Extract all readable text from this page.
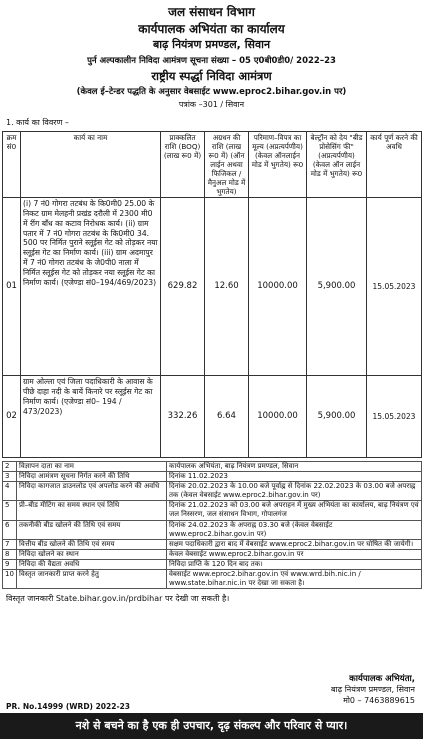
जल संसाधन विभाग
कार्यपालक अभियंता का कार्यालय
बाढ़ नियंत्रण प्रमण्डल, सिवान
पुर्न अल्पकालीन निविदा आमंत्रण सूचना संख्या – 05 ए0बी0डी0/ 2022–23
राष्ट्रीय स्पर्द्धा निविदा आमंत्रण
(केवल ई–टेन्डर पद्धति के अनुसार वेबसाईट www.eproc2.bihar.gov.in पर)
पत्रांक –301 / सिवान
1. कार्य का विवरण –
क्रम सं0	कार्य का नाम	प्राक्कलित राशि (BOQ) (लाख रू0 में)	अग्रधन की राशि (लाख रू0 में) (ऑन लाईन अथवा फिजिकल / मैनुअल मोड में भुगतेय)	परिमाण–विपत्र का मूल्य (अप्रत्यर्पणीय) (केवल ऑनलाईन मोड में भुगतेय) रू0	बेल्ट्रॉन को देय "बीड प्रोसेसिंग फी" (अप्रत्यर्पणीय) (केवल ऑन लाईन मोड में भुगतेय) रू0	कार्य पूर्ण करने की अवधि
01	(i) 7 नं0 गोगरा तटबंध के कि0मी0 25.00 के निकट ग्राम मेलहनी प्रखंड दरौली में 2300 मी0 में रींग बाँध का कटाव निरोधक कार्य। (ii) ग्राम पतार में 7 नं0 गोगरा तटबंध के कि0मी0 34. 500 पर निर्मित पुराने स्लूईस गेट को तोड़कर नया स्लूईस गेट का निर्माण कार्य। (iii) ग्राम अदमापुर में 7 नं0 गोगरा तटबंध के जे0पी0 नाला में निर्मित स्लूईस गेट को तोड़कर नया स्लूईस गेट का निर्माण कार्य। (एजेण्डा सं0–194/469/2023)	629.82	12.60	10000.00	5,900.00	15.05.2023
02	ग्राम ओल्ला एवं जिला पदाधिकारी के आवास के पीछे दाहा नदी के बायें किनारे पर स्लूईस गेट का निर्माण कार्य। (एजेण्डा सं0– 194 / 473/2023)	332.26	6.64	10000.00	5,900.00	15.05.2023
2	विज्ञापन दाता का नाम	कार्यपालक अभियंता, बाढ़ नियंत्रण प्रमण्डल, सिवान
3	निविदा आमंत्रण सूचना निर्गत करने की तिथि	दिनांक 11.02.2023
4	निविदा कागजात डाउनलोड एवं अपलोड करने की अवधि	दिनांक 20.02.2023 के 10.00 बजे पूर्वाह्न से दिनांक 22.02.2023 के 03.00 बजे अपराह्न तक (केवल वेबसाईट www.eproc2.bihar.gov.in पर)
5	प्री–बीड मीटिंग का समय स्थान एवं तिथि	दिनांक 21.02.2023 को 03.00 बजे अपराहन में मुख्य अभियंता का कार्यालय, बाढ़ नियंत्रण एवं जल निस्सरण, जल संसाधन विभाग, गोपालगंज
6	तकनीकी बीड खोलने की तिथि एवं समय	दिनांक 24.02.2023 के अपराह्न 03.30 बजे (केवल वेबसाईट www.eproc2.bihar.gov.in पर)
7	वित्तीय बीड खोलने की तिथि एवं समय	सक्षम पदाधिकारी द्वारा बाद में वेबसाईट www.eproc2.bihar.gov.in पर घोषित की जायेगी।
8	निविदा खोलने का स्थान	केवल वेबसाईट www.eproc2.bihar.gov.in पर
9	निविदा की वैद्यता अवधि	निविदा प्राप्ति के 120 दिन बाद तक।
10	विस्तृत जानकारी प्राप्त करने हेतु	वेबसाईट www.eproc2.bihar.gov.in एवं www.wrd.bih.nic.in / www.state.bihar.nic.in पर देखा जा सकता है।
विस्तृत जानकारी State.bihar.gov.in/prdbihar पर देखी जा सकती है।
कार्यपालक अभियंता,
बाढ़ नियंत्रण प्रमण्डल, सिवान
मो0 – 7463889615
PR. No.14999 (WRD) 2022-23
नशे से बचने का है एक ही उपचार, दृढ़ संकल्प और परिवार से प्यार।
